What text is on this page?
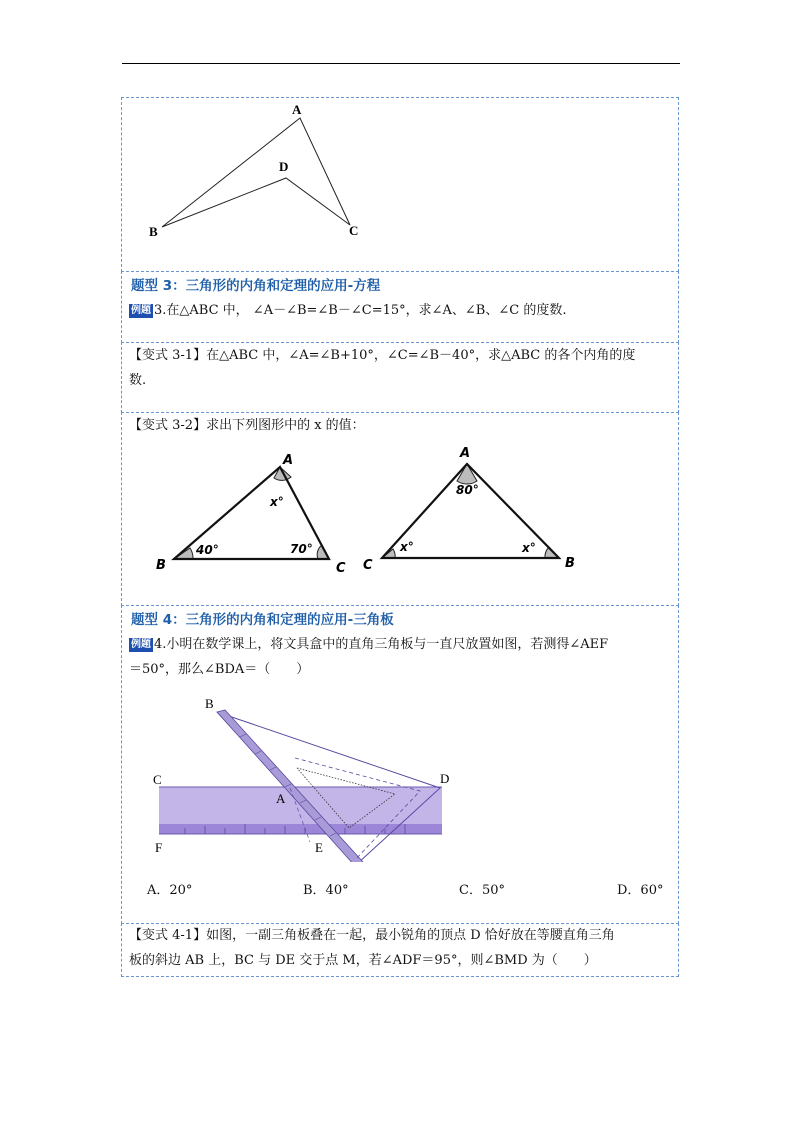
A
B	C
D
题型 3：三角形的内角和定理的应用-方程
例题 3.在△ABC 中， ∠A－∠B=∠B－∠C=15°，求∠A、∠B、∠C 的度数.
【变式 3-1】在△ABC 中，∠A=∠B+10°，∠C=∠B－40°，求△ABC 的各个内角的度
数.
【变式 3-2】求出下列图形中的 x 的值：
A
B	C
x°
40°	70°
A
C	B
80°
x°	x°
题型 4：三角形的内角和定理的应用-三角板
例题 4.小明在数学课上，将文具盒中的直角三角板与一直尺放置如图，若测得∠AEF
＝50°，那么∠BDA＝（　　）
B
C
A
D
F	E
A．20°	B．40°	C．50°	D．60°
【变式 4-1】如图，一副三角板叠在一起，最小锐角的顶点 D 恰好放在等腰直角三角
板的斜边 AB 上，BC 与 DE 交于点 M，若∠ADF＝95°，则∠BMD 为（　　）
